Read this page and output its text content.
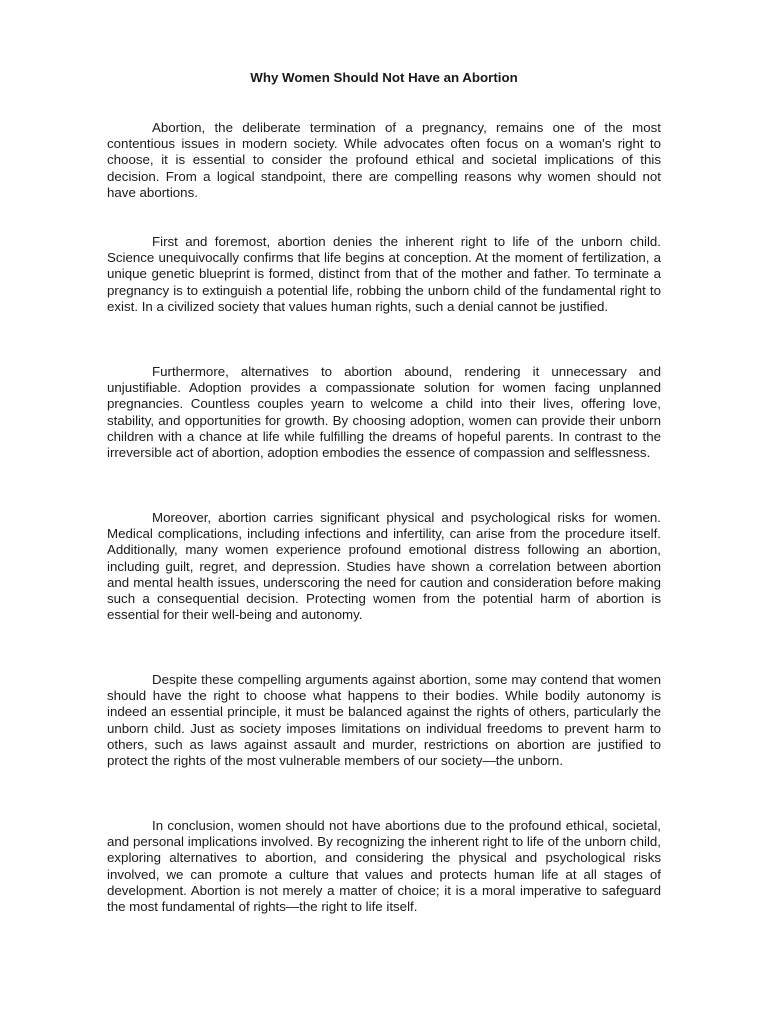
Why Women Should Not Have an Abortion

Abortion, the deliberate termination of a pregnancy, remains one of the most contentious issues in modern society. While advocates often focus on a woman's right to choose, it is essential to consider the profound ethical and societal implications of this decision. From a logical standpoint, there are compelling reasons why women should not have abortions.

First and foremost, abortion denies the inherent right to life of the unborn child. Science unequivocally confirms that life begins at conception. At the moment of fertilization, a unique genetic blueprint is formed, distinct from that of the mother and father. To terminate a pregnancy is to extinguish a potential life, robbing the unborn child of the fundamental right to exist. In a civilized society that values human rights, such a denial cannot be justified.

Furthermore, alternatives to abortion abound, rendering it unnecessary and unjustifiable. Adoption provides a compassionate solution for women facing unplanned pregnancies. Countless couples yearn to welcome a child into their lives, offering love, stability, and opportunities for growth. By choosing adoption, women can provide their unborn children with a chance at life while fulfilling the dreams of hopeful parents. In contrast to the irreversible act of abortion, adoption embodies the essence of compassion and selflessness.

Moreover, abortion carries significant physical and psychological risks for women. Medical complications, including infections and infertility, can arise from the procedure itself. Additionally, many women experience profound emotional distress following an abortion, including guilt, regret, and depression. Studies have shown a correlation between abortion and mental health issues, underscoring the need for caution and consideration before making such a consequential decision. Protecting women from the potential harm of abortion is essential for their well-being and autonomy.

Despite these compelling arguments against abortion, some may contend that women should have the right to choose what happens to their bodies. While bodily autonomy is indeed an essential principle, it must be balanced against the rights of others, particularly the unborn child. Just as society imposes limitations on individual freedoms to prevent harm to others, such as laws against assault and murder, restrictions on abortion are justified to protect the rights of the most vulnerable members of our society—the unborn.

In conclusion, women should not have abortions due to the profound ethical, societal, and personal implications involved. By recognizing the inherent right to life of the unborn child, exploring alternatives to abortion, and considering the physical and psychological risks involved, we can promote a culture that values and protects human life at all stages of development. Abortion is not merely a matter of choice; it is a moral imperative to safeguard the most fundamental of rights—the right to life itself.
